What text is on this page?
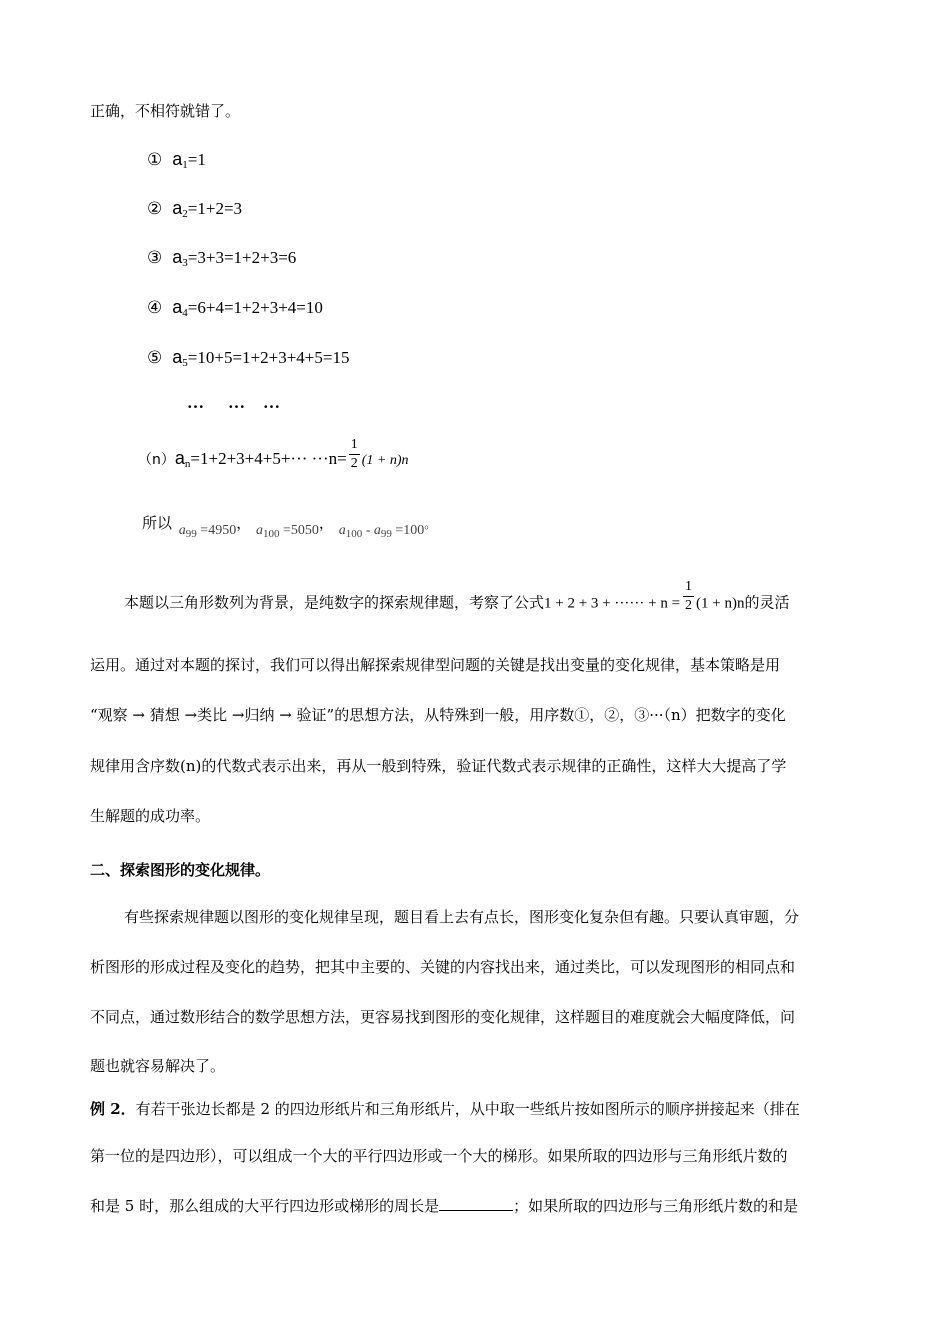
正确，不相符就错了。
① $a_1=1$
② $a_2=1+2=3$
③ $a_3=3+3=1+2+3=6$
④ $a_4=6+4=1+2+3+4=10$
⑤ $a_5=10+5=1+2+3+4+5=15$
… … …
$(n)a_n=1+2+3+4+5+\cdot\cdot\cdot \cdot\cdot\cdot n= \frac{1}{2} (1 + n)n$
所以 $a_{99} =4950$， $a_{100} =5050$， $a_{100} - a_{99} =100^。$
本题以三角形数列为背景，是纯数字的探索规律题，考察了公式1 + 2 + 3 + ······ + $n = \frac{1}{2} (1 + n)n$的灵活
运用。通过对本题的探讨，我们可以得出解探索规律型问题的关键是找出变量的变化规律，基本策略是用
“观察 → 猜想 →类比 →归纳 → 验证”的思想方法，从特殊到一般，用序数①，②，③···（n）把数字的变化
规律用含序数(n)的代数式表示出来，再从一般到特殊，验证代数式表示规律的正确性，这样大大提高了学
生解题的成功率。
二、探索图形的变化规律。
有些探索规律题以图形的变化规律呈现，题目看上去有点长，图形变化复杂但有趣。只要认真审题，分
析图形的形成过程及变化的趋势，把其中主要的、关键的内容找出来，通过类比，可以发现图形的相同点和
不同点，通过数形结合的数学思想方法，更容易找到图形的变化规律，这样题目的难度就会大幅度降低，问
题也就容易解决了。
例 2．有若干张边长都是 2 的四边形纸片和三角形纸片，从中取一些纸片按如图所示的顺序拼接起来（排在
第一位的是四边形），可以组成一个大的平行四边形或一个大的梯形。如果所取的四边形与三角形纸片数的
和是 5 时，那么组成的大平行四边形或梯形的周长是	；如果所取的四边形与三角形纸片数的和是
